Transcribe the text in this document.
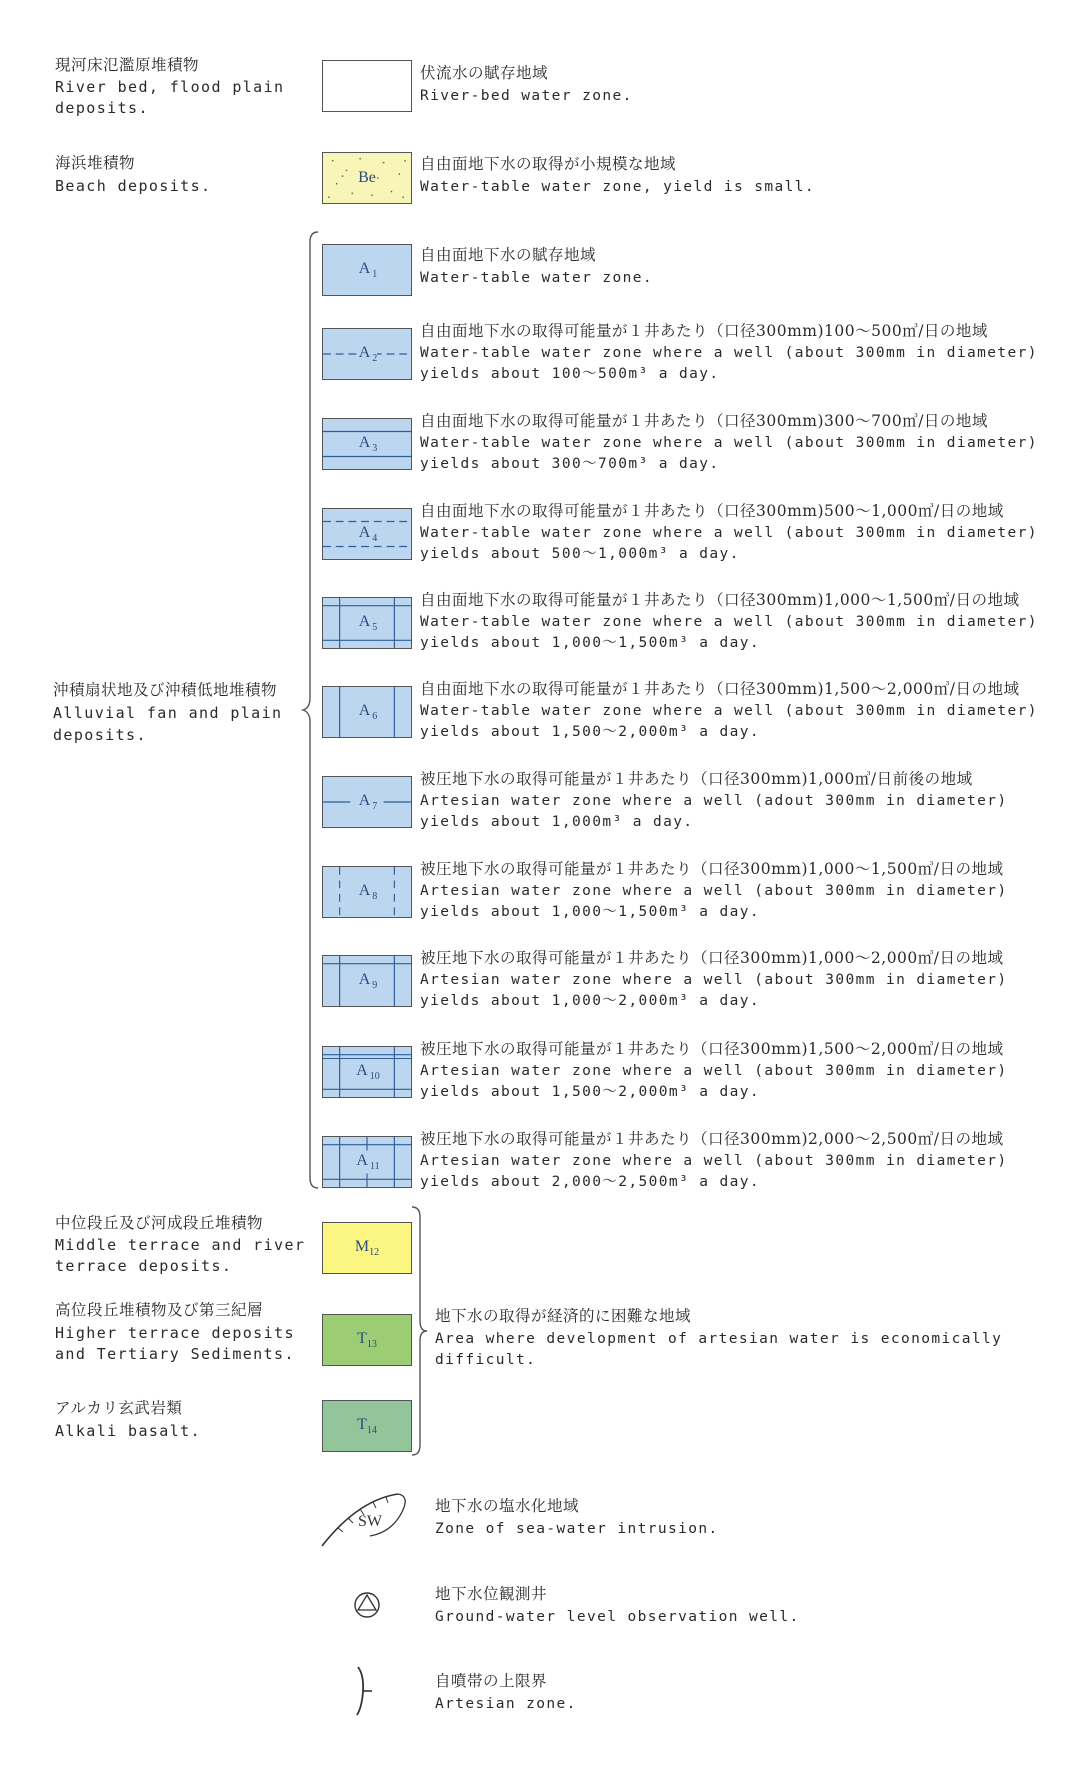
現河床氾濫原堆積物
River bed, flood plain
deposits.
海浜堆積物
Beach deposits.
沖積扇状地及び沖積低地堆積物
Alluvial fan and plain
deposits.
中位段丘及び河成段丘堆積物
Middle terrace and river
terrace deposits.
高位段丘堆積物及び第三紀層
Higher terrace deposits
and Tertiary Sediments.
アルカリ玄武岩類
Alkali basalt.
Be
伏流水の賦存地域
River-bed water zone.
自由面地下水の取得が小規模な地域
Water-table water zone, yield is small.
A $_1$
自由面地下水の賦存地域
Water-table water zone.
A $_2$
自由面地下水の取得可能量が１井あたり（口径300mm)100～500㎥/日の地域
Water-table water zone where a well (about 300mm in diameter)
yields about 100～500m³ a day.
A $_3$
自由面地下水の取得可能量が１井あたり（口径300mm)300～700㎥/日の地域
Water-table water zone where a well (about 300mm in diameter)
yields about 300～700m³ a day.
A $_4$
自由面地下水の取得可能量が１井あたり（口径300mm)500～1,000㎥/日の地域
Water-table water zone where a well (about 300mm in diameter)
yields about 500～1,000m³ a day.
A $_5$
自由面地下水の取得可能量が１井あたり（口径300mm)1,000～1,500㎥/日の地域
Water-table water zone where a well (about 300mm in diameter)
yields about 1,000～1,500m³ a day.
A $_6$
自由面地下水の取得可能量が１井あたり（口径300mm)1,500～2,000㎥/日の地域
Water-table water zone where a well (about 300mm in diameter)
yields about 1,500～2,000m³ a day.
A $_7$
被圧地下水の取得可能量が１井あたり（口径300mm)1,000㎥/日前後の地域
Artesian water zone where a well (adout 300mm in diameter)
yields about 1,000m³ a day.
A $_8$
被圧地下水の取得可能量が１井あたり（口径300mm)1,000～1,500㎥/日の地域
Artesian water zone where a well (about 300mm in diameter)
yields about 1,000～1,500m³ a day.
A $_9$
被圧地下水の取得可能量が１井あたり（口径300mm)1,000～2,000㎥/日の地域
Artesian water zone where a well (about 300mm in diameter)
yields about 1,000～2,000m³ a day.
A $_{10}$
被圧地下水の取得可能量が１井あたり（口径300mm)1,500～2,000㎥/日の地域
Artesian water zone where a well (about 300mm in diameter)
yields about 1,500～2,000m³ a day.
A $_{11}$
被圧地下水の取得可能量が１井あたり（口径300mm)2,000～2,500㎥/日の地域
Artesian water zone where a well (about 300mm in diameter)
yields about 2,000～2,500m³ a day.
$M_{12}$
$T_{13}$
$T_{14}$
地下水の取得が経済的に困難な地域
Area where development of artesian water is economically
difficult.
SW
地下水の塩水化地域
Zone of sea-water intrusion.
地下水位観測井
Ground-water level observation well.
自噴帯の上限界
Artesian zone.
